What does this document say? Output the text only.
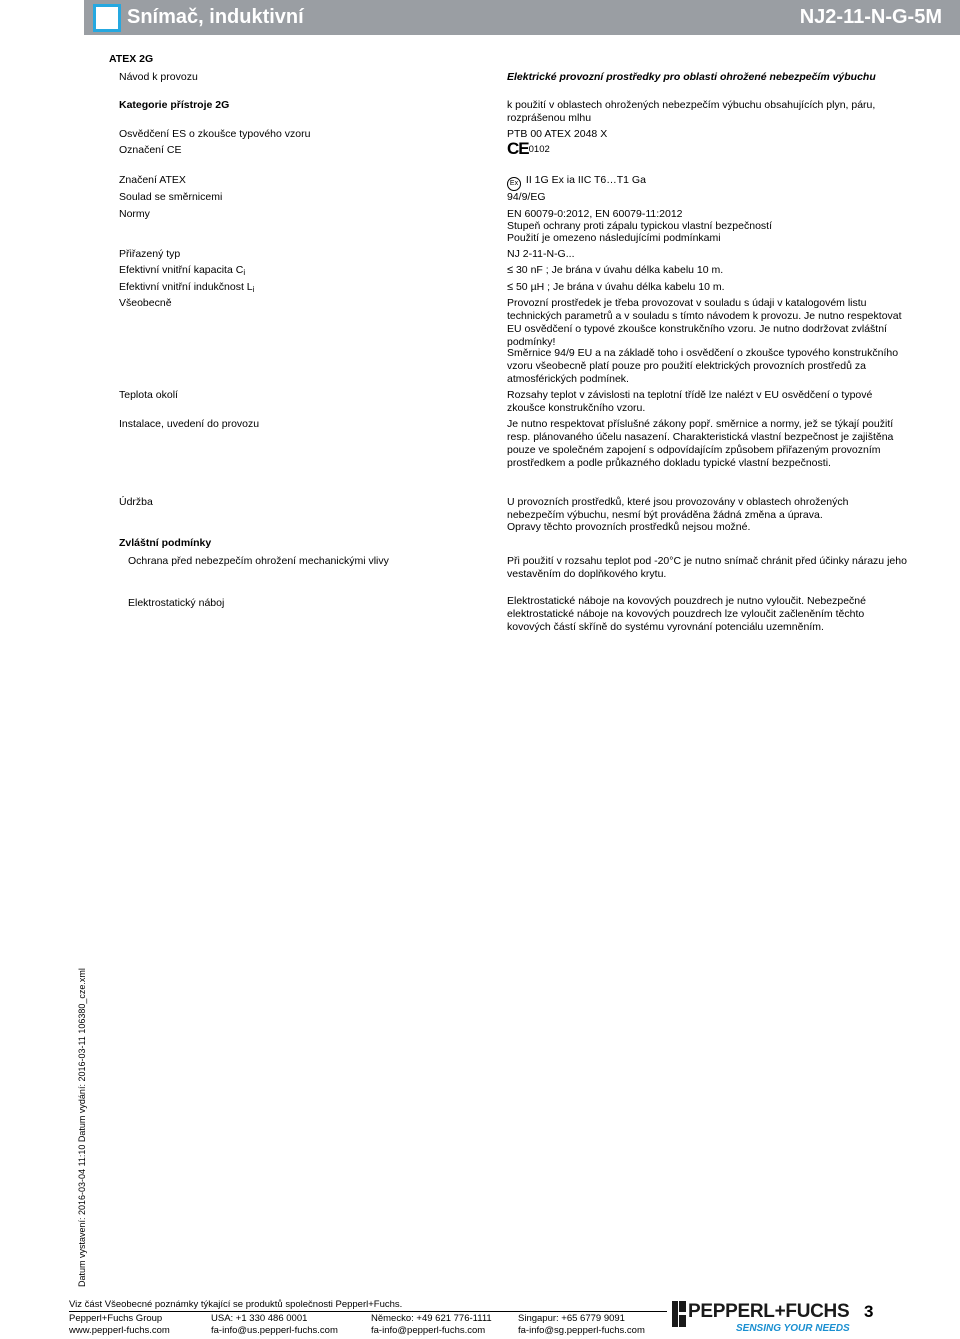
Snímač, induktivní	NJ2-11-N-G-5M
ATEX 2G
Návod k provozu	Elektrické provozní prostředky pro oblasti ohrožené nebezpečím výbuchu
Kategorie přístroje 2G	k použití v oblastech ohrožených nebezpečím výbuchu obsahujících plyn, páru, rozprášenou mlhu
Osvědčení ES o zkoušce typového vzoru	PTB 00 ATEX 2048 X
Označení CE	CE0102
Značení ATEX	Ex II 1G Ex ia IIC T6…T1 Ga
Soulad se směrnicemi	94/9/EG
Normy	EN 60079-0:2012, EN 60079-11:2012
Stupeň ochrany proti zápalu typickou vlastní bezpečností
Použití je omezeno následujícími podmínkami
Přiřazený typ	NJ 2-11-N-G...
Efektivní vnitřní kapacita $C_i$	≤ 30 nF ; Je brána v úvahu délka kabelu 10 m.
Efektivní vnitřní indukčnost $L_i$	≤ 50 µH ; Je brána v úvahu délka kabelu 10 m.
Všeobecně	Provozní prostředek je třeba provozovat v souladu s údaji v katalogovém listu technických parametrů a v souladu s tímto návodem k provozu. Je nutno respektovat EU osvědčení o typové zkoušce konstrukčního vzoru. Je nutno dodržovat zvláštní podmínky!
Směrnice 94/9 EU a na základě toho i osvědčení o zkoušce typového konstrukčního vzoru všeobecně platí pouze pro použití elektrických provozních prostředů za atmosférických podmínek.
Teplota okolí	Rozsahy teplot v závislosti na teplotní třídě lze nalézt v EU osvědčení o typové zkoušce konstrukčního vzoru.
Instalace, uvedení do provozu	Je nutno respektovat příslušné zákony popř. směrnice a normy, jež se týkají použití resp. plánovaného účelu nasazení. Charakteristická vlastní bezpečnost je zajištěna pouze ve společném zapojení s odpovídajícím způsobem přiřazeným provozním prostředkem a podle průkazného dokladu typické vlastní bezpečnosti.
Údržba	U provozních prostředků, které jsou provozovány v oblastech ohrožených nebezpečím výbuchu, nesmí být prováděna žádná změna a úprava.
Opravy těchto provozních prostředků nejsou možné.
Zvláštní podmínky
Ochrana před nebezpečím ohrožení mechanickými vlivy	Při použití v rozsahu teplot pod -20°C je nutno snímač chránit před účinky nárazu jeho vestavěním do doplňkového krytu.
Elektrostatický náboj	Elektrostatické náboje na kovových pouzdrech je nutno vyloučit. Nebezpečné elektrostatické náboje na kovových pouzdrech lze vyloučit začleněním těchto kovových částí skříně do systému vyrovnání potenciálu uzemněním.
Datum vystavení: 2016-03-04 11:10 Datum vydání: 2016-03-11 106380_cze.xml
Viz část Všeobecné poznámky týkající se produktů společnosti Pepperl+Fuchs.
Pepperl+Fuchs Group
www.pepperl-fuchs.com
USA: +1 330 486 0001
fa-info@us.pepperl-fuchs.com
Německo: +49 621 776-1111
fa-info@pepperl-fuchs.com
Singapur: +65 6779 9091
fa-info@sg.pepperl-fuchs.com
PEPPERL+FUCHS
SENSING YOUR NEEDS
3
